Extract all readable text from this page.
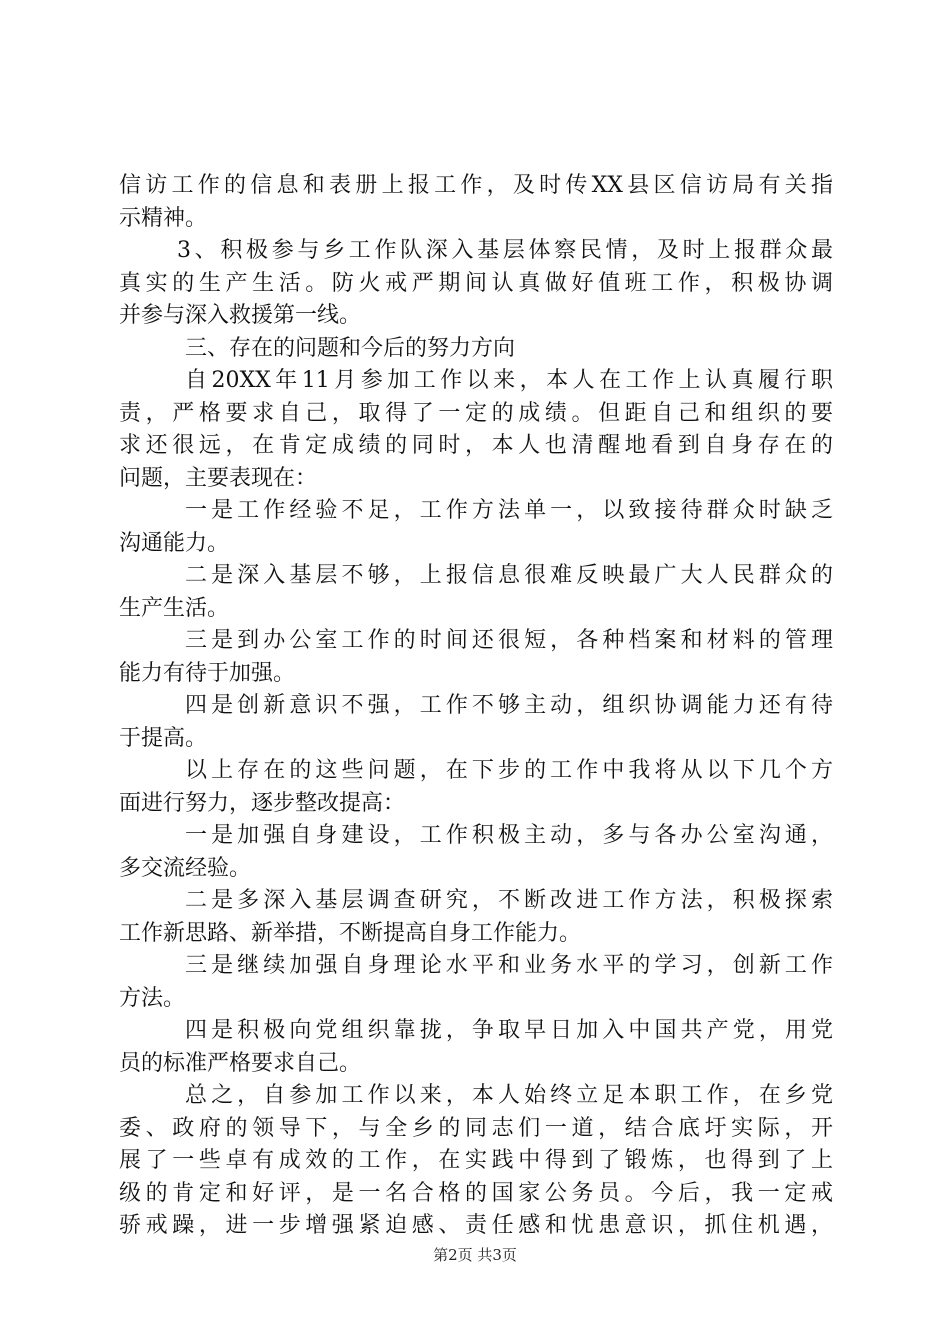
信访工作的信息和表册上报工作，及时传XX县区信访局有关指
示精神。
3、积极参与乡工作队深入基层体察民情，及时上报群众最
真实的生产生活。防火戒严期间认真做好值班工作，积极协调
并参与深入救援第一线。
三、存在的问题和今后的努力方向
自20XX年11月参加工作以来，本人在工作上认真履行职
责，严格要求自己，取得了一定的成绩。但距自己和组织的要
求还很远，在肯定成绩的同时，本人也清醒地看到自身存在的
问题，主要表现在：
一是工作经验不足，工作方法单一，以致接待群众时缺乏
沟通能力。
二是深入基层不够，上报信息很难反映最广大人民群众的
生产生活。
三是到办公室工作的时间还很短，各种档案和材料的管理
能力有待于加强。
四是创新意识不强，工作不够主动，组织协调能力还有待
于提高。
以上存在的这些问题，在下步的工作中我将从以下几个方
面进行努力，逐步整改提高：
一是加强自身建设，工作积极主动，多与各办公室沟通，
多交流经验。
二是多深入基层调查研究，不断改进工作方法，积极探索
工作新思路、新举措，不断提高自身工作能力。
三是继续加强自身理论水平和业务水平的学习，创新工作
方法。
四是积极向党组织靠拢，争取早日加入中国共产党，用党
员的标准严格要求自己。
总之，自参加工作以来，本人始终立足本职工作，在乡党
委、政府的领导下，与全乡的同志们一道，结合底圩实际，开
展了一些卓有成效的工作，在实践中得到了锻炼，也得到了上
级的肯定和好评，是一名合格的国家公务员。今后，我一定戒
骄戒躁，进一步增强紧迫感、责任感和忧患意识，抓住机遇，
第2页 共3页
